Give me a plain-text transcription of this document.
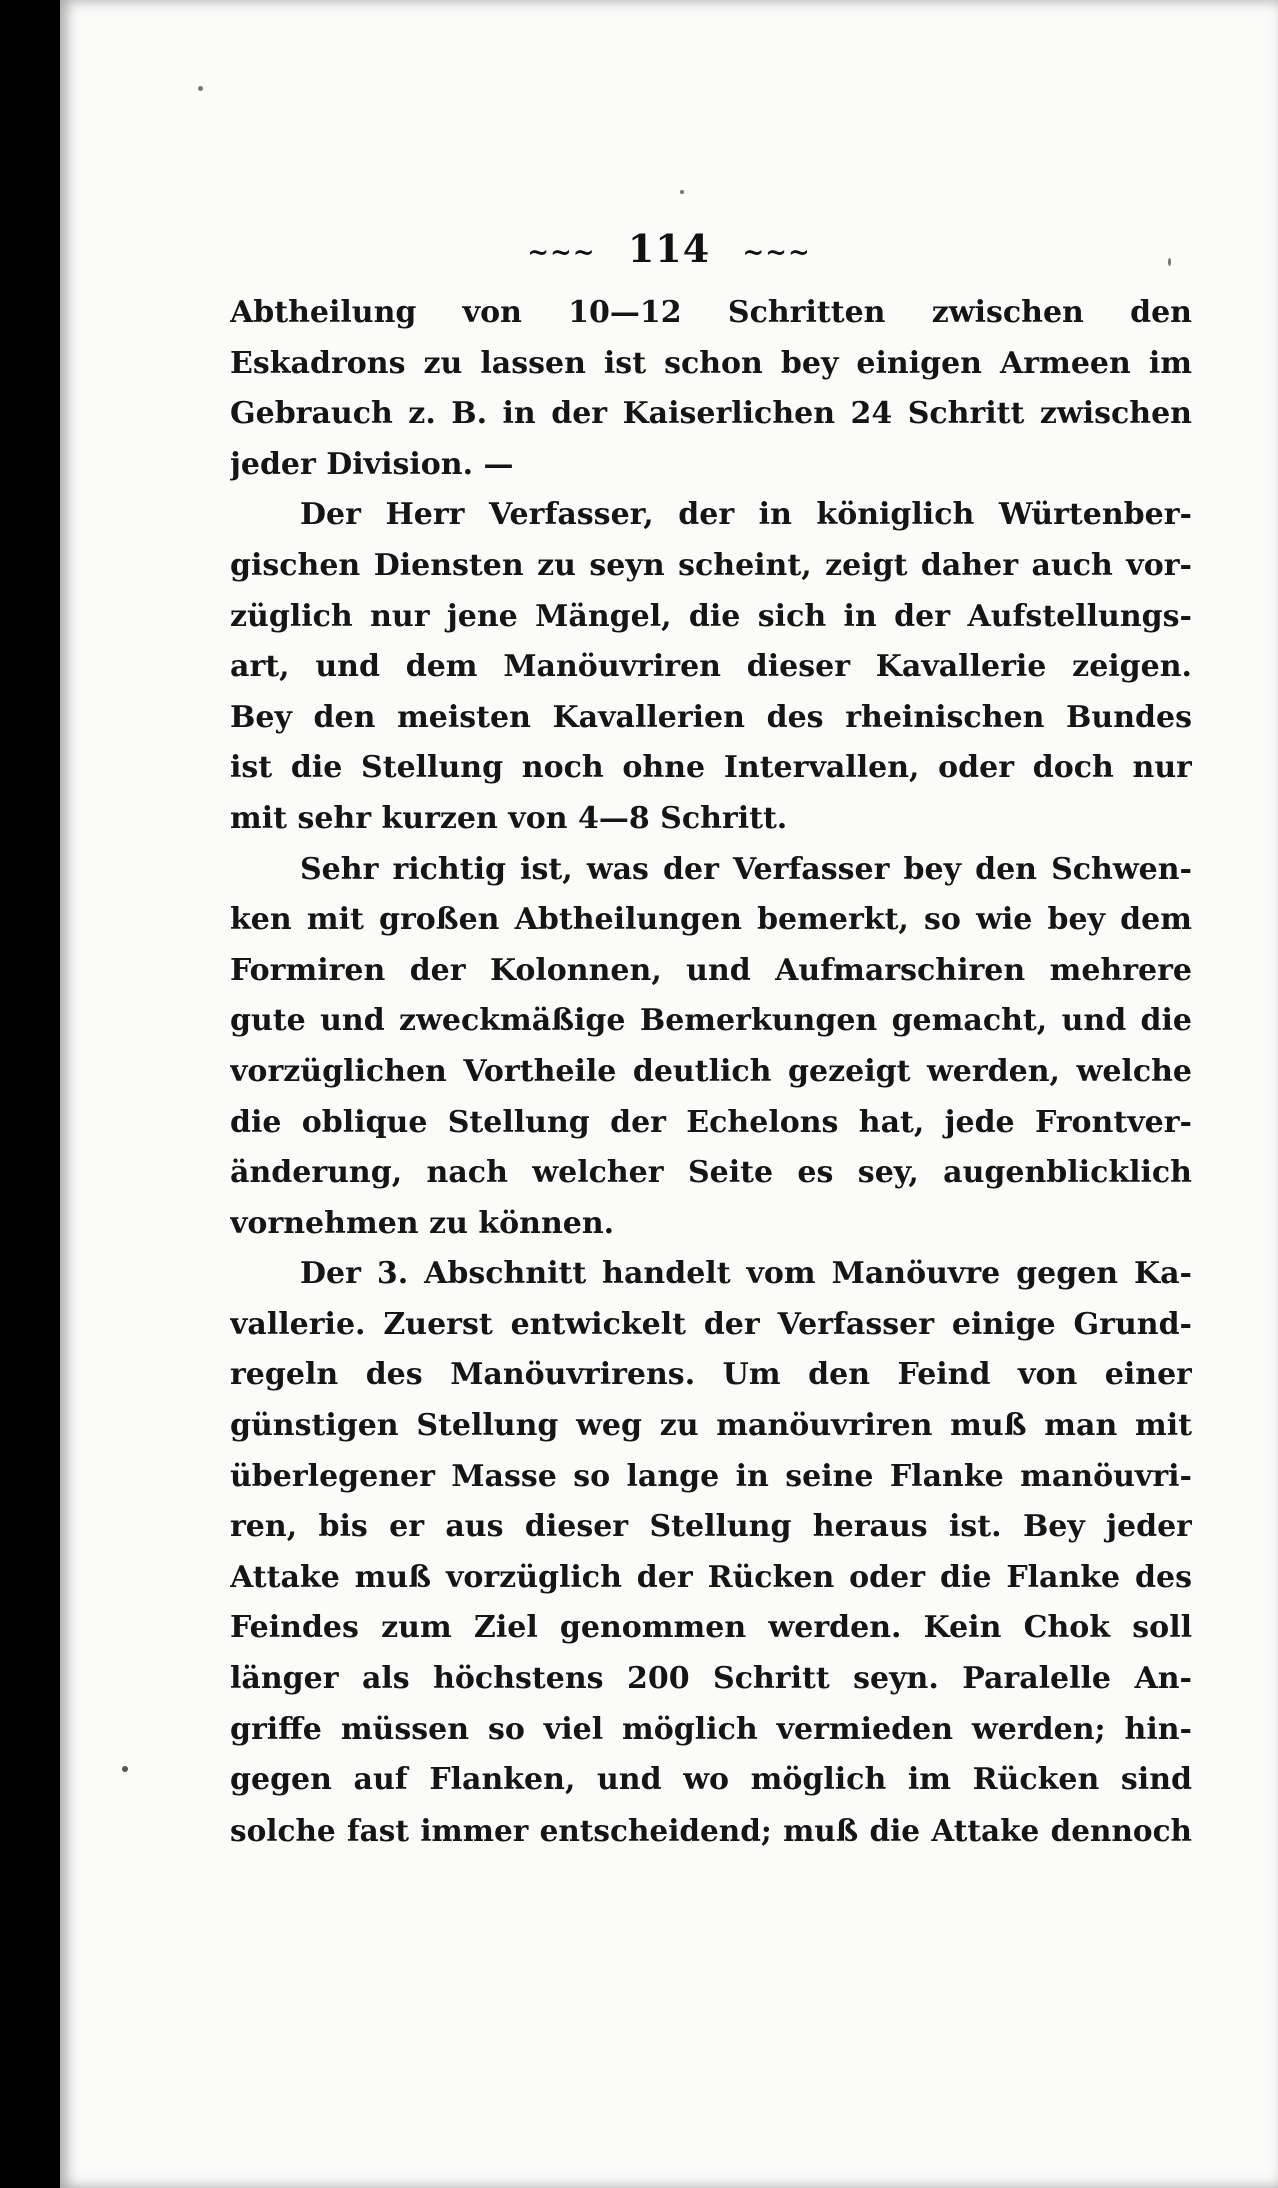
~~~ 114 ~~~
Abtheilung von 10—12 Schritten zwischen den
Eskadrons zu lassen ist schon bey einigen Armeen im
Gebrauch z. B. in der Kaiserlichen 24 Schritt zwischen
jeder Division. —
Der Herr Verfasser, der in königlich Würtenber-
gischen Diensten zu seyn scheint, zeigt daher auch vor-
züglich nur jene Mängel, die sich in der Aufstellungs-
art, und dem Manöuvriren dieser Kavallerie zeigen.
Bey den meisten Kavallerien des rheinischen Bundes
ist die Stellung noch ohne Intervallen, oder doch nur
mit sehr kurzen von 4—8 Schritt.
Sehr richtig ist, was der Verfasser bey den Schwen-
ken mit großen Abtheilungen bemerkt, so wie bey dem
Formiren der Kolonnen, und Aufmarschiren mehrere
gute und zweckmäßige Bemerkungen gemacht, und die
vorzüglichen Vortheile deutlich gezeigt werden, welche
die oblique Stellung der Echelons hat, jede Frontver-
änderung, nach welcher Seite es sey, augenblicklich
vornehmen zu können.
Der 3. Abschnitt handelt vom Manöuvre gegen Ka-
vallerie. Zuerst entwickelt der Verfasser einige Grund-
regeln des Manöuvrirens. Um den Feind von einer
günstigen Stellung weg zu manöuvriren muß man mit
überlegener Masse so lange in seine Flanke manöuvri-
ren, bis er aus dieser Stellung heraus ist. Bey jeder
Attake muß vorzüglich der Rücken oder die Flanke des
Feindes zum Ziel genommen werden. Kein Chok soll
länger als höchstens 200 Schritt seyn. Paralelle An-
griffe müssen so viel möglich vermieden werden; hin-
gegen auf Flanken, und wo möglich im Rücken sind
solche fast immer entscheidend; muß die Attake dennoch
